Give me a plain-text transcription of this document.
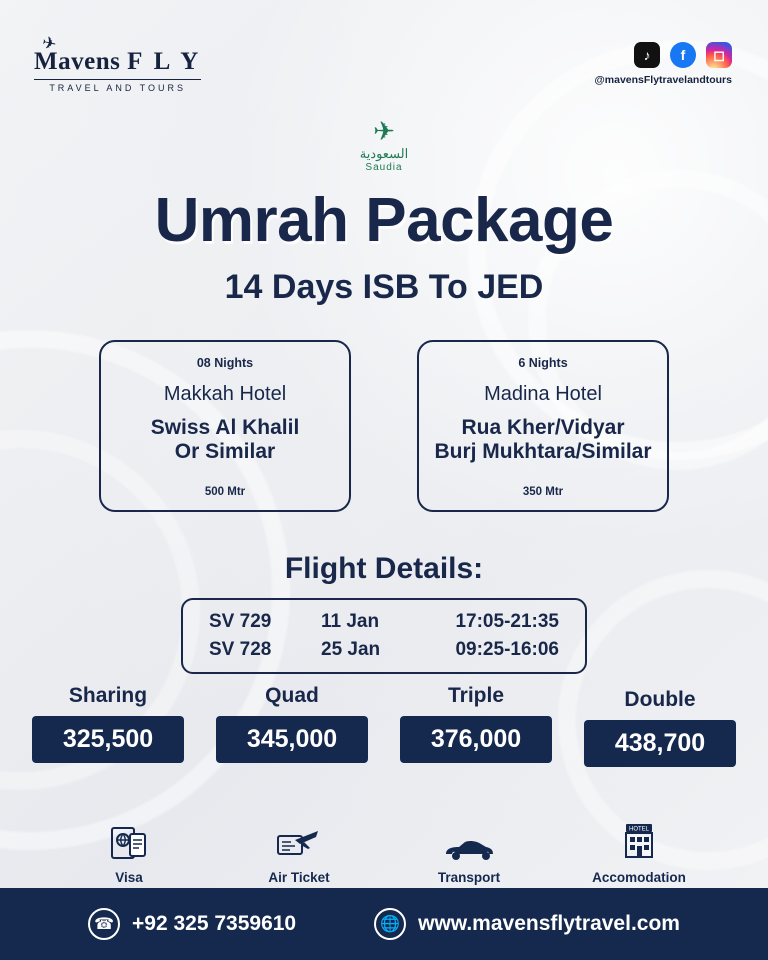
✈
Mavens F L Y
TRAVEL AND TOURS
♪	f	◻
@mavensFlytravelandtours
✈
السعودية
Saudia
Umrah Package
14 Days ISB To JED
08 Nights
Makkah Hotel
Swiss Al Khalil
Or Similar
500 Mtr
6 Nights
Madina Hotel
Rua Kher/Vidyar
Burj Mukhtara/Similar
350 Mtr
Flight Details:
SV 729	11 Jan	17:05-21:35
SV 728	25 Jan	09:25-16:06
Sharing
325,500
Quad
345,000
Triple
376,000
Double
438,700
Visa	Air Ticket	Transport
HOTEL
Accomodation
☎ +92 325 7359610	🌐 www.mavensflytravel.com
